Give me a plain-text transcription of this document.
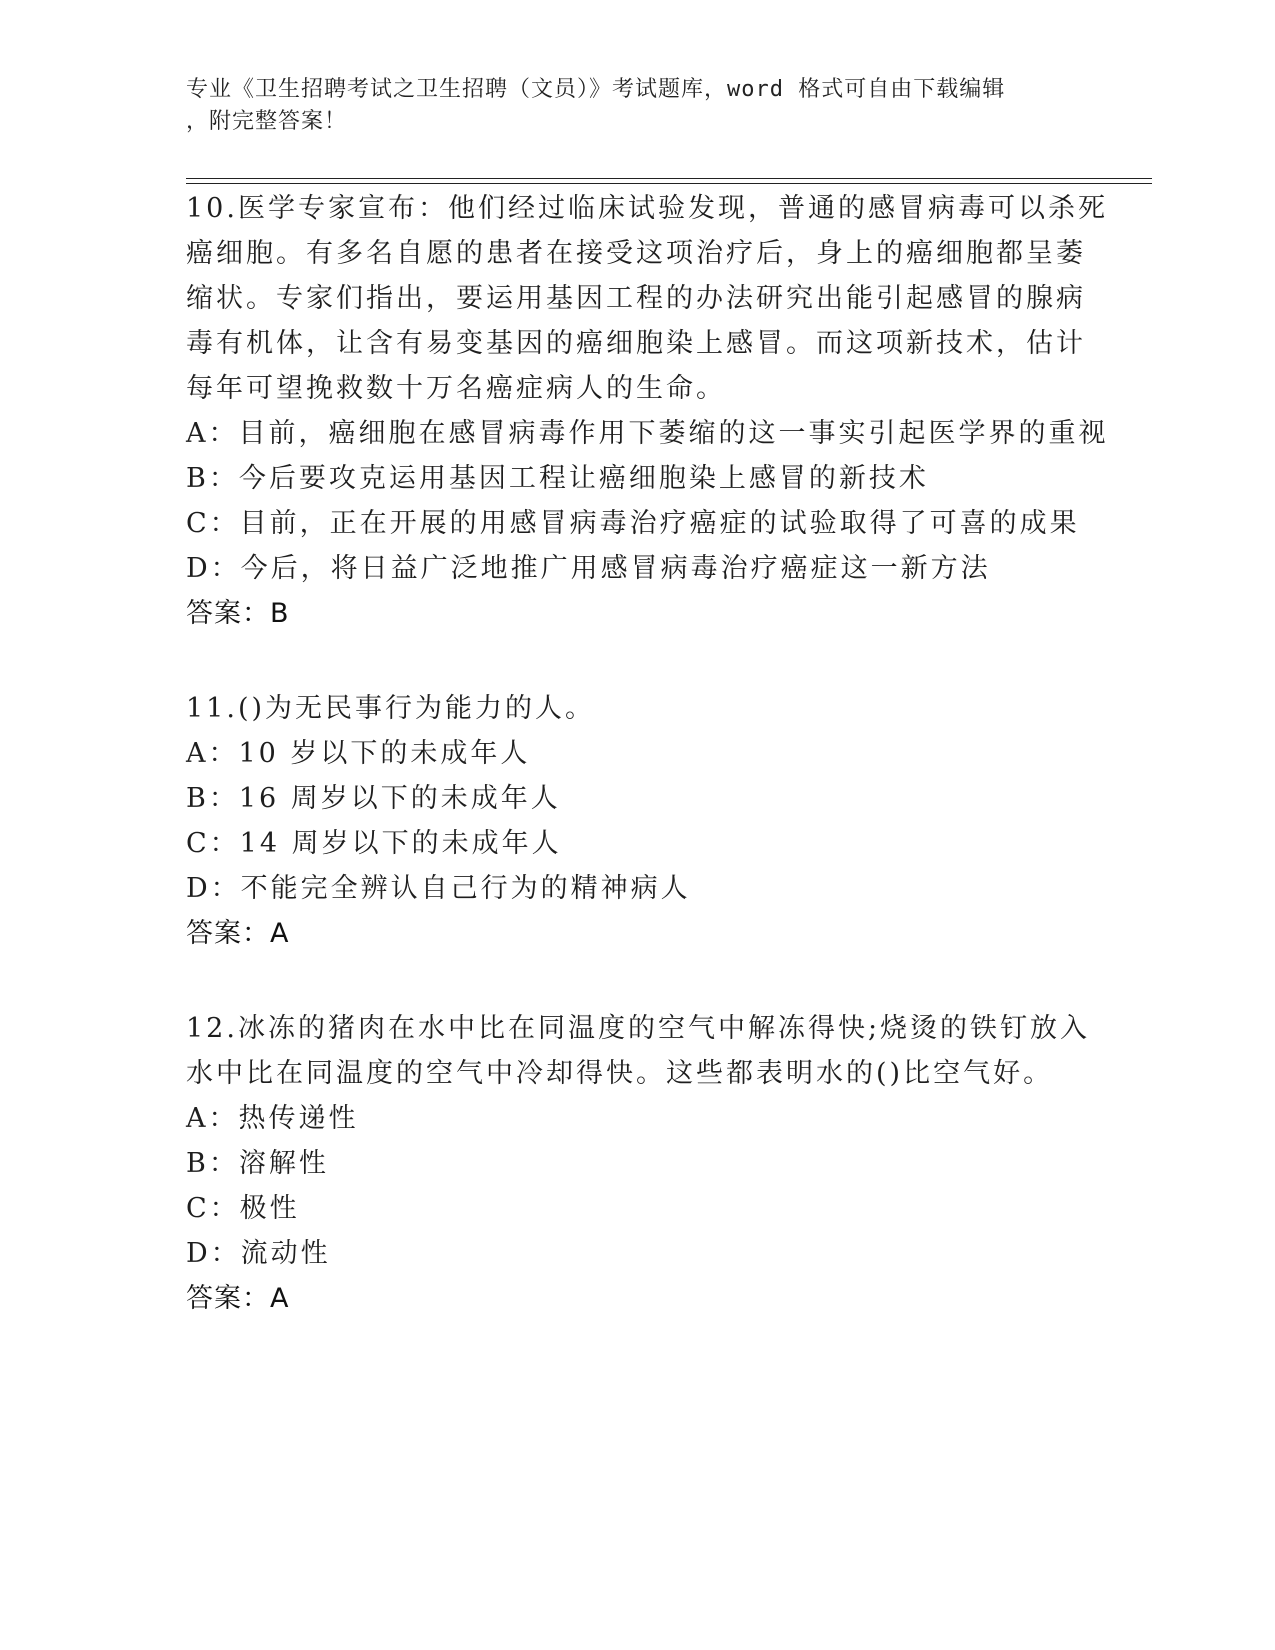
专业《卫生招聘考试之卫生招聘（文员）》考试题库，word 格式可自由下载编辑
，附完整答案！
10.医学专家宣布：他们经过临床试验发现，普通的感冒病毒可以杀死
癌细胞。有多名自愿的患者在接受这项治疗后，身上的癌细胞都呈萎
缩状。专家们指出，要运用基因工程的办法研究出能引起感冒的腺病
毒有机体，让含有易变基因的癌细胞染上感冒。而这项新技术，估计
每年可望挽救数十万名癌症病人的生命。
A：目前，癌细胞在感冒病毒作用下萎缩的这一事实引起医学界的重视
B：今后要攻克运用基因工程让癌细胞染上感冒的新技术
C：目前，正在开展的用感冒病毒治疗癌症的试验取得了可喜的成果
D：今后，将日益广泛地推广用感冒病毒治疗癌症这一新方法
答案：B
11.()为无民事行为能力的人。
A：10 岁以下的未成年人
B：16 周岁以下的未成年人
C：14 周岁以下的未成年人
D：不能完全辨认自己行为的精神病人
答案：A
12.冰冻的猪肉在水中比在同温度的空气中解冻得快;烧烫的铁钉放入
水中比在同温度的空气中冷却得快。这些都表明水的()比空气好。
A：热传递性
B：溶解性
C：极性
D：流动性
答案：A
